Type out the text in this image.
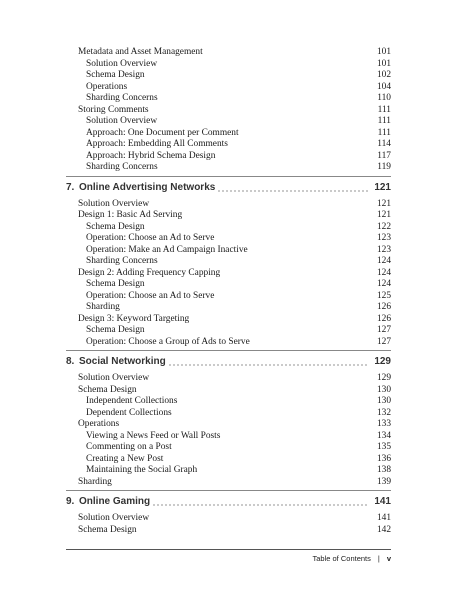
Metadata and Asset Management	101
Solution Overview	101
Schema Design	102
Operations	104
Sharding Concerns	110
Storing Comments	111
Solution Overview	111
Approach: One Document per Comment	111
Approach: Embedding All Comments	114
Approach: Hybrid Schema Design	117
Sharding Concerns	119
7. Online Advertising Networks	121
Solution Overview	121
Design 1: Basic Ad Serving	121
Schema Design	122
Operation: Choose an Ad to Serve	123
Operation: Make an Ad Campaign Inactive	123
Sharding Concerns	124
Design 2: Adding Frequency Capping	124
Schema Design	124
Operation: Choose an Ad to Serve	125
Sharding	126
Design 3: Keyword Targeting	126
Schema Design	127
Operation: Choose a Group of Ads to Serve	127
8. Social Networking	129
Solution Overview	129
Schema Design	130
Independent Collections	130
Dependent Collections	132
Operations	133
Viewing a News Feed or Wall Posts	134
Commenting on a Post	135
Creating a New Post	136
Maintaining the Social Graph	138
Sharding	139
9. Online Gaming	141
Solution Overview	141
Schema Design	142
Table of Contents | v
